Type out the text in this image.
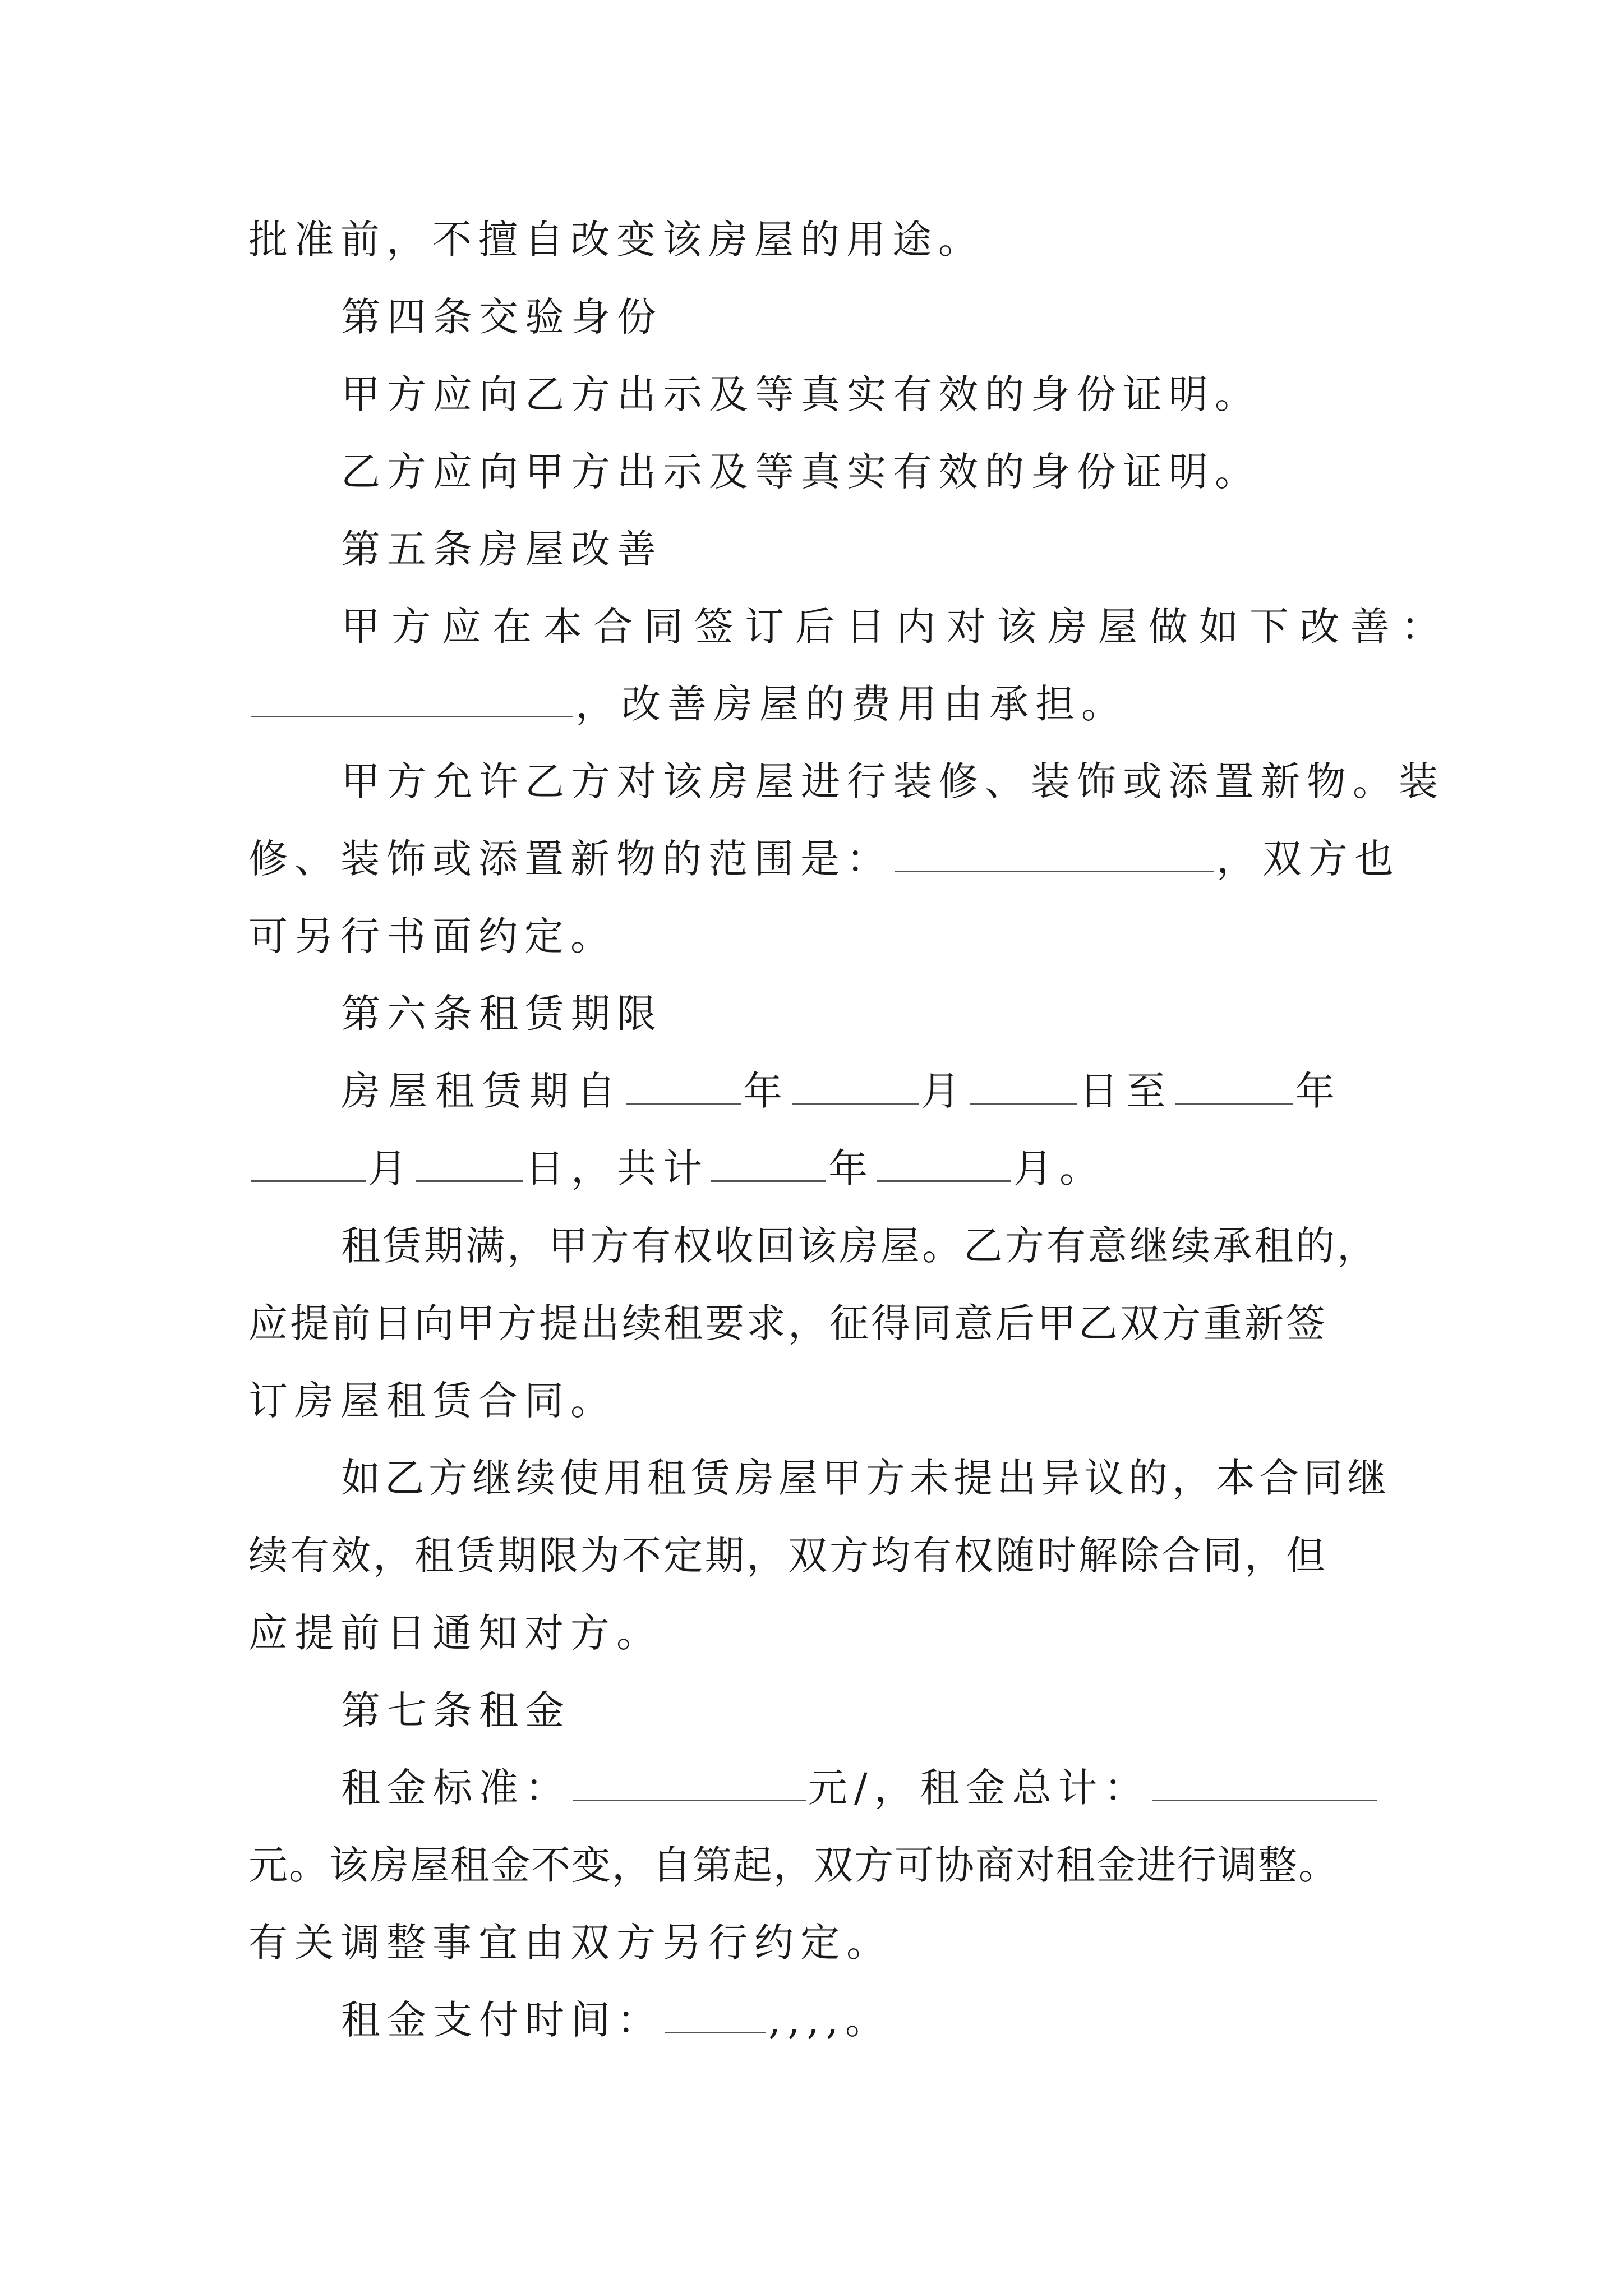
批准前，不擅自改变该房屋的用途。
第四条交验身份
甲方应向乙方出示及等真实有效的身份证明。
乙方应向甲方出示及等真实有效的身份证明。
第五条房屋改善
甲方应在本合同签订后日内对该房屋做如下改善：
，改善房屋的费用由承担。
甲方允许乙方对该房屋进行装修、装饰或添置新物。装
修、装饰或添置新物的范围是：	，双方也
可另行书面约定。
第六条租赁期限
房屋租赁期自	年	月	日至	年
月	日，共计	年	月。
租赁期满，甲方有权收回该房屋。乙方有意继续承租的，
应提前日向甲方提出续租要求，征得同意后甲乙双方重新签
订房屋租赁合同。
如乙方继续使用租赁房屋甲方未提出异议的，本合同继
续有效，租赁期限为不定期，双方均有权随时解除合同，但
应提前日通知对方。
第七条租金
租金标准：	元/，租金总计：
元。该房屋租金不变，自第起，双方可协商对租金进行调整。
有关调整事宜由双方另行约定。
租金支付时间：	,,,,。
